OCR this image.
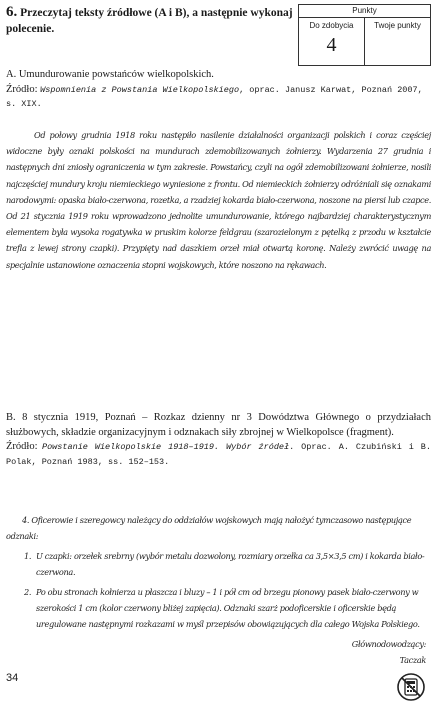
6. Przeczytaj teksty źródłowe (A i B), a następnie wykonaj polecenie.
Punkty
Do zdobycia
4
Twoje punkty
A. Umundurowanie powstańców wielkopolskich.
Źródło: Wspomnienia z Powstania Wielkopolskiego, oprac. Janusz Karwat, Poznań 2007, s. XIX.
Od połowy grudnia 1918 roku następiło nasilenie działalności organizacji polskich i coraz częściej widoczne były oznaki polskości na mundurach zdemobilizowanych żołnierzy. Wydarzenia 27 grudnia i następnych dni zniosły ograniczenia w tym zakresie. Powstańcy, czyli na ogół zdemobilizowani żołnierze, nosili najczęściej mundury kroju niemieckiego wyniesione z frontu. Od niemieckich żołnierzy odróżniali się oznakami narodowymi: opaska biało-czerwona, rozetka, a rzadziej kokarda biało-czerwona, noszone na piersi lub czapce. Od 21 stycznia 1919 roku wprowadzono jednolite umundurowanie, którego najbardziej charakterystycznym elementem była wysoka rogatywka w pruskim kolorze feldgrau (szarozielonym z pętelką z przodu w kształcie trefla z lewej strony czapki). Przypięty nad daszkiem orzeł miał otwartą koronę. Należy zwrócić uwagę na specjalnie ustanowione oznaczenia stopni wojskowych, które noszono na rękawach.
B. 8 stycznia 1919, Poznań – Rozkaz dzienny nr 3 Dowództwa Głównego o przydziałach służbowych, składzie organizacyjnym i odznakach siły zbrojnej w Wielkopolsce (fragment).
Źródło: Powstanie Wielkopolskie 1918–1919. Wybór źródeł. Oprac. A. Czubiński i B. Polak, Poznań 1983, ss. 152–153.
4. Oficerowie i szeregowcy należący do oddziałów wojskowych mają nałożyć tymczasowo następujące odznaki:
1. U czapki: orzełek srebrny (wybór metalu dozwolony, rozmiary orzełka ca 3,5×3,5 cm) i kokarda biało-czerwona.
2. Po obu stronach kołnierza u płaszcza i bluzy – 1 i pół cm od brzegu pionowy pasek biało-czerwony w szerokości 1 cm (kolor czerwony bliżej zapięcia). Odznaki szarż podoficerskie i oficerskie będą uregulowane następnymi rozkazami w myśl przepisów obowiązujących dla całego Wojska Polskiego.
Głównodowodzący:
Taczak
34
